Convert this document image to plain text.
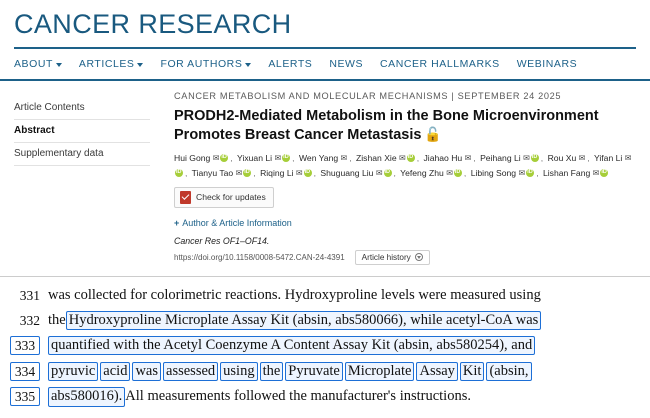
CANCER RESEARCH
ABOUT ARTICLES FOR AUTHORS ALERTS NEWS CANCER HALLMARKS WEBINARS
Article Contents
Abstract
Supplementary data
CANCER METABOLISM AND MOLECULAR MECHANISMS | SEPTEMBER 24 2025
PRODH2-Mediated Metabolism in the Bone Microenvironment Promotes Breast Cancer Metastasis 🔓
Hui Gong ✉ iD , Yixuan Li ✉ iD , Wen Yang ✉ , Zishan Xie ✉ iD , Jiahao Hu ✉ , Peihang Li ✉ iD , Rou Xu ✉ , Yifan Li ✉iD, Tianyu Tao ✉ iD , Riqing Li ✉ iD , Shuguang Liu ✉ iD , Yefeng Zhu ✉ iD , Libing Song ✉ iD , Lishan Fang ✉iD
Check for updates
+ Author & Article Information
Cancer Res OF1–OF14.
https://doi.org/10.1158/0008-5472.CAN-24-4391 Article history
331 was collected for colorimetric reactions. Hydroxyproline levels were measured using
332 theHydroxyproline Microplate Assay Kit (absin, abs580066), while acetyl-CoA was
333	quantified with the Acetyl Coenzyme A Content Assay Kit (absin, abs580254), and
334	pyruvic acid was assessed using the Pyruvate Microplate Assay Kit (absin,
335	abs580016).All measurements followed the manufacturer's instructions.
